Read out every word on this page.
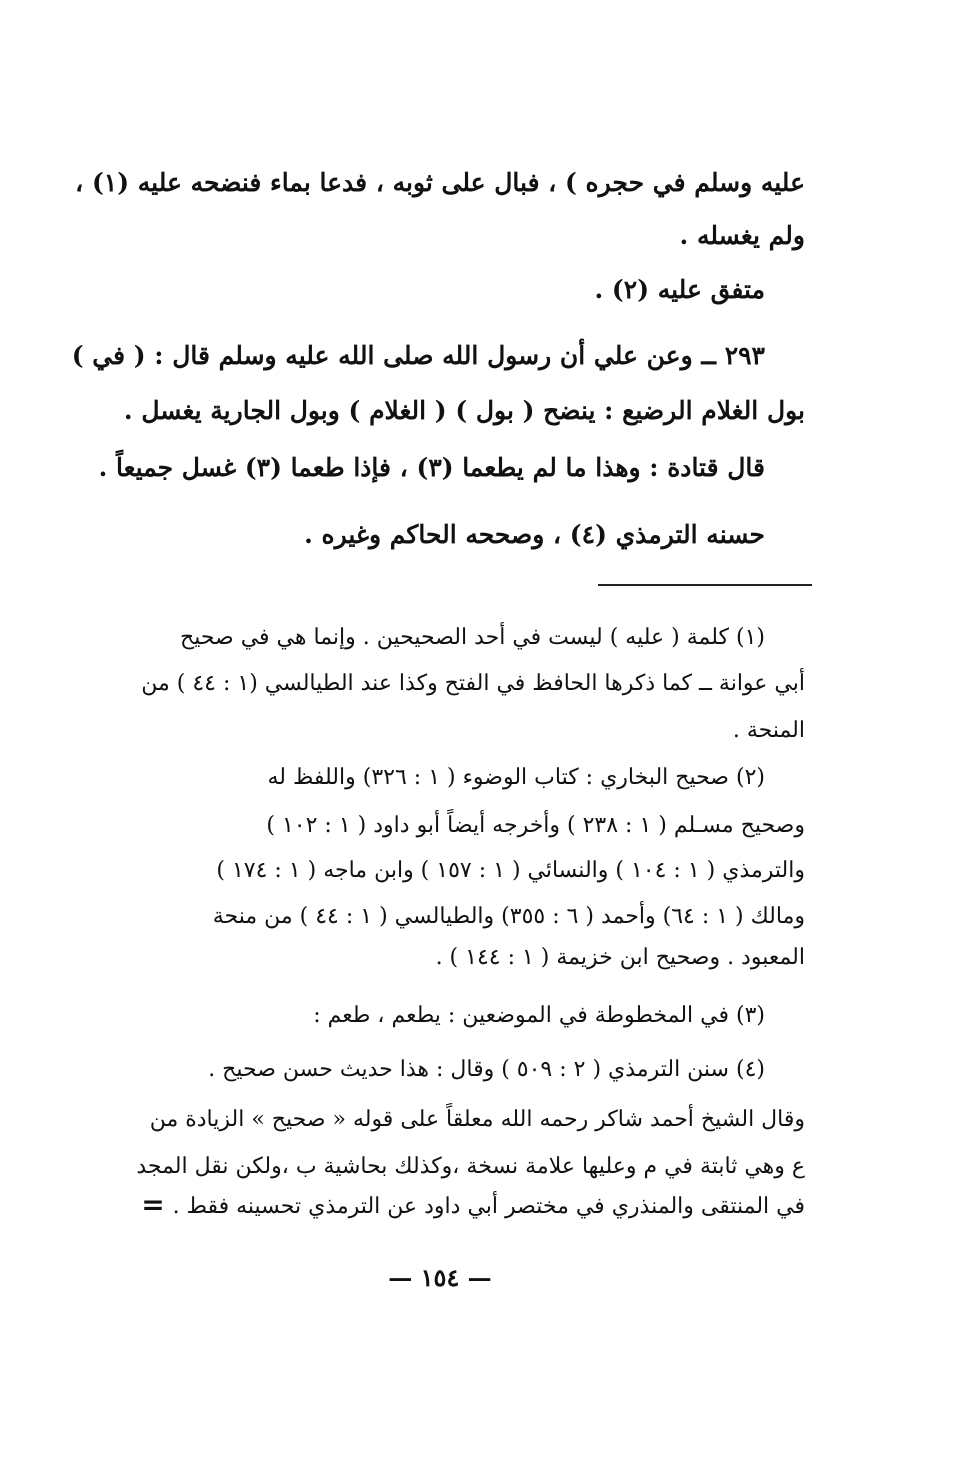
عليه وسلم في حجره ) ، فبال على ثوبه ، فدعا بماء فنضحه عليه (١) ،
ولم يغسله .
متفق عليه (٢) .
٢٩٣ ــ وعن علي أن رسول الله صلى الله عليه وسلم قال : ( في )
بول الغلام الرضيع : ينضح ( بول ) ( الغلام ) وبول الجارية يغسل .
قال قتادة : وهذا ما لم يطعما (٣) ، فإذا طعما (٣) غسل جميعاً .
حسنه الترمذي (٤) ، وصححه الحاكم وغيره .
(١) كلمة ( عليه ) ليست في أحد الصحيحين . وإنما هي في صحيح
أبي عوانة ــ كما ذكرها الحافظ في الفتح وكذا عند الطيالسي (١ : ٤٤ ) من
المنحة .
(٢) صحيح البخاري : كتاب الوضوء ( ١ : ٣٢٦) واللفظ له
وصحيح مسـلم ( ١ : ٢٣٨ ) وأخرجه أيضاً أبو داود ( ١ : ١٠٢ )
والترمذي ( ١ : ١٠٤ ) والنسائي ( ١ : ١٥٧ ) وابن ماجه ( ١ : ١٧٤ )
ومالك ( ١ : ٦٤) وأحمد ( ٦ : ٣٥٥) والطيالسي ( ١ : ٤٤ ) من منحة
المعبود . وصحيح ابن خزيمة ( ١ : ١٤٤ ) .
(٣) في المخطوطة في الموضعين : يطعم ، طعم :
(٤) سنن الترمذي ( ٢ : ٥٠٩ ) وقال : هذا حديث حسن صحيح .
وقال الشيخ أحمد شاكر رحمه الله معلقاً على قوله « صحيح » الزيادة من
ع وهي ثابتة في م وعليها علامة نسخة ،وكذلك بحاشية ب ،ولكن نقل المجد
في المنتقى والمنذري في مختصر أبي داود عن الترمذي تحسينه فقط .
=
— ١٥٤ —
